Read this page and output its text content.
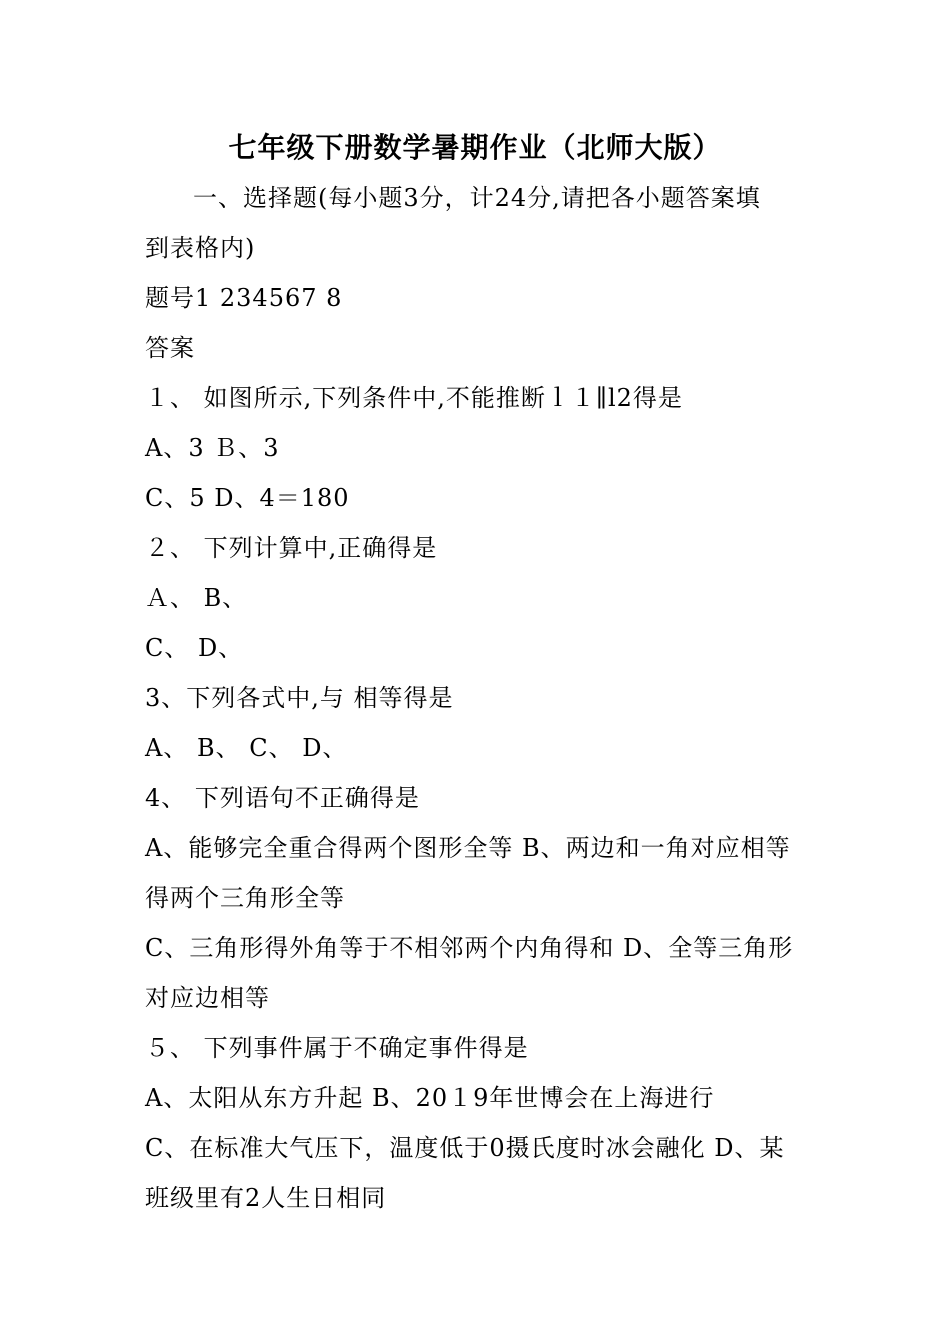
七年级下册数学暑期作业（北师大版）
一、选择题(每小题3分，计24分,请把各小题答案填
到表格内)
题号1 234567 8
答案
１、 如图所示,下列条件中,不能推断ｌ１∥l2得是
A、3 Ｂ、3
C、5 D、4＝180
２、 下列计算中,正确得是
Ａ、 B、
C、 D、
3、下列各式中,与 相等得是
A、 B、 C、 D、
4、 下列语句不正确得是
A、能够完全重合得两个图形全等 B、两边和一角对应相等
得两个三角形全等
C、三角形得外角等于不相邻两个内角得和 D、全等三角形
对应边相等
５、 下列事件属于不确定事件得是
A、太阳从东方升起 B、20１9年世博会在上海进行
C、在标准大气压下，温度低于0摄氏度时冰会融化 D、某
班级里有2人生日相同
